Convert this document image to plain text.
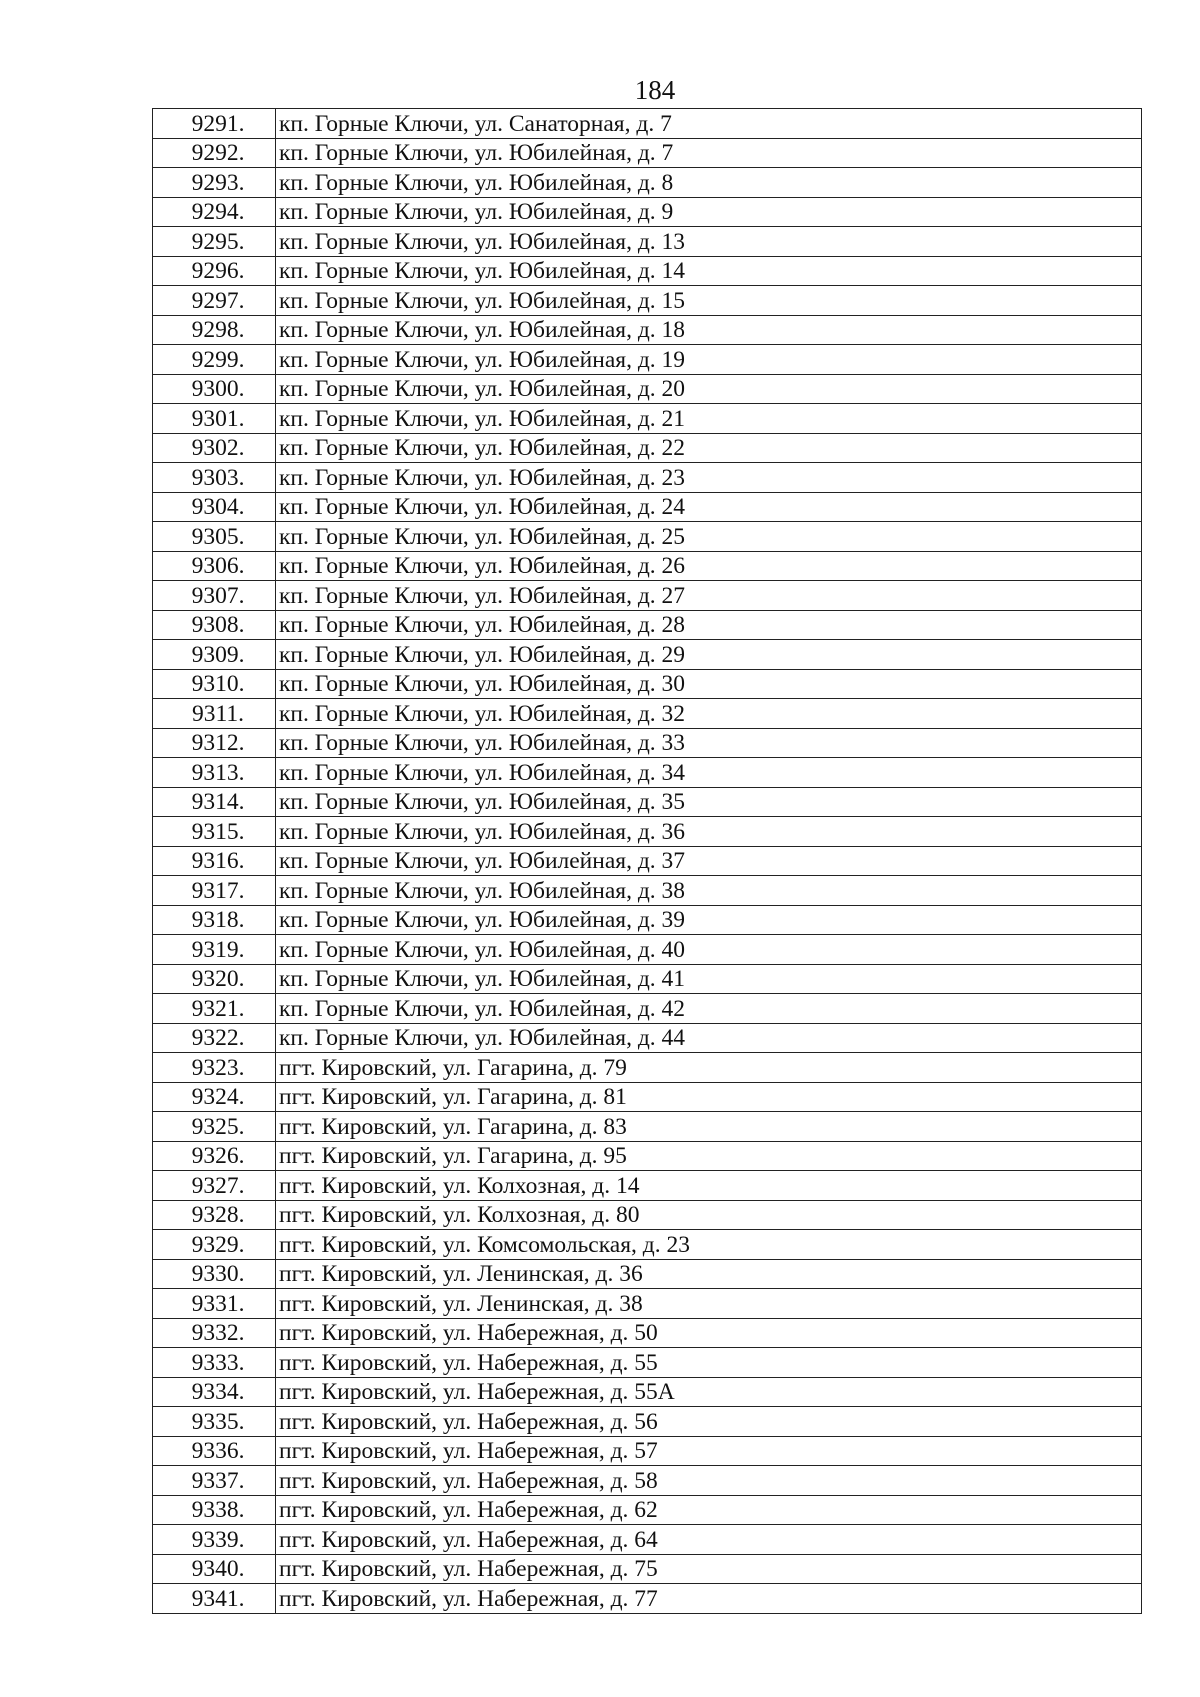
184
9291.	кп. Горные Ключи, ул. Санаторная, д. 7
9292.	кп. Горные Ключи, ул. Юбилейная, д. 7
9293.	кп. Горные Ключи, ул. Юбилейная, д. 8
9294.	кп. Горные Ключи, ул. Юбилейная, д. 9
9295.	кп. Горные Ключи, ул. Юбилейная, д. 13
9296.	кп. Горные Ключи, ул. Юбилейная, д. 14
9297.	кп. Горные Ключи, ул. Юбилейная, д. 15
9298.	кп. Горные Ключи, ул. Юбилейная, д. 18
9299.	кп. Горные Ключи, ул. Юбилейная, д. 19
9300.	кп. Горные Ключи, ул. Юбилейная, д. 20
9301.	кп. Горные Ключи, ул. Юбилейная, д. 21
9302.	кп. Горные Ключи, ул. Юбилейная, д. 22
9303.	кп. Горные Ключи, ул. Юбилейная, д. 23
9304.	кп. Горные Ключи, ул. Юбилейная, д. 24
9305.	кп. Горные Ключи, ул. Юбилейная, д. 25
9306.	кп. Горные Ключи, ул. Юбилейная, д. 26
9307.	кп. Горные Ключи, ул. Юбилейная, д. 27
9308.	кп. Горные Ключи, ул. Юбилейная, д. 28
9309.	кп. Горные Ключи, ул. Юбилейная, д. 29
9310.	кп. Горные Ключи, ул. Юбилейная, д. 30
9311.	кп. Горные Ключи, ул. Юбилейная, д. 32
9312.	кп. Горные Ключи, ул. Юбилейная, д. 33
9313.	кп. Горные Ключи, ул. Юбилейная, д. 34
9314.	кп. Горные Ключи, ул. Юбилейная, д. 35
9315.	кп. Горные Ключи, ул. Юбилейная, д. 36
9316.	кп. Горные Ключи, ул. Юбилейная, д. 37
9317.	кп. Горные Ключи, ул. Юбилейная, д. 38
9318.	кп. Горные Ключи, ул. Юбилейная, д. 39
9319.	кп. Горные Ключи, ул. Юбилейная, д. 40
9320.	кп. Горные Ключи, ул. Юбилейная, д. 41
9321.	кп. Горные Ключи, ул. Юбилейная, д. 42
9322.	кп. Горные Ключи, ул. Юбилейная, д. 44
9323.	пгт. Кировский, ул. Гагарина, д. 79
9324.	пгт. Кировский, ул. Гагарина, д. 81
9325.	пгт. Кировский, ул. Гагарина, д. 83
9326.	пгт. Кировский, ул. Гагарина, д. 95
9327.	пгт. Кировский, ул. Колхозная, д. 14
9328.	пгт. Кировский, ул. Колхозная, д. 80
9329.	пгт. Кировский, ул. Комсомольская, д. 23
9330.	пгт. Кировский, ул. Ленинская, д. 36
9331.	пгт. Кировский, ул. Ленинская, д. 38
9332.	пгт. Кировский, ул. Набережная, д. 50
9333.	пгт. Кировский, ул. Набережная, д. 55
9334.	пгт. Кировский, ул. Набережная, д. 55А
9335.	пгт. Кировский, ул. Набережная, д. 56
9336.	пгт. Кировский, ул. Набережная, д. 57
9337.	пгт. Кировский, ул. Набережная, д. 58
9338.	пгт. Кировский, ул. Набережная, д. 62
9339.	пгт. Кировский, ул. Набережная, д. 64
9340.	пгт. Кировский, ул. Набережная, д. 75
9341.	пгт. Кировский, ул. Набережная, д. 77
